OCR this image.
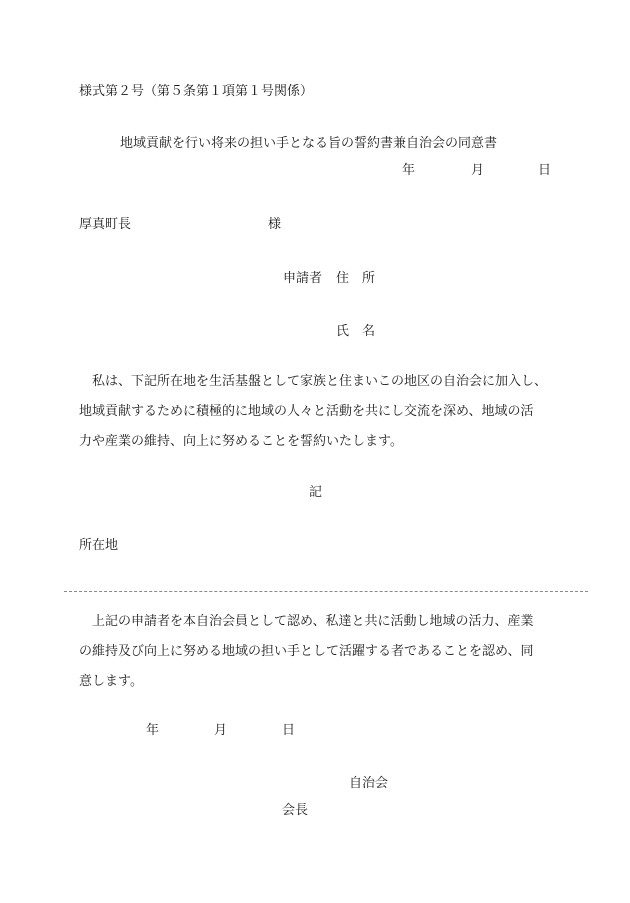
様式第２号（第５条第１項第１号関係）
地域貢献を行い将来の担い手となる旨の誓約書兼自治会の同意書
年	月	日
厚真町長	様
申請者 住　所
氏　名
　私は、下記所在地を生活基盤として家族と住まいこの地区の自治会に加入し、
地域貢献するために積極的に地域の人々と活動を共にし交流を深め、地域の活
力や産業の維持、向上に努めることを誓約いたします。
記
所在地
　上記の申請者を本自治会員として認め、私達と共に活動し地域の活力、産業
の維持及び向上に努める地域の担い手として活躍する者であることを認め、同
意します。
年	月	日
自治会
会長
